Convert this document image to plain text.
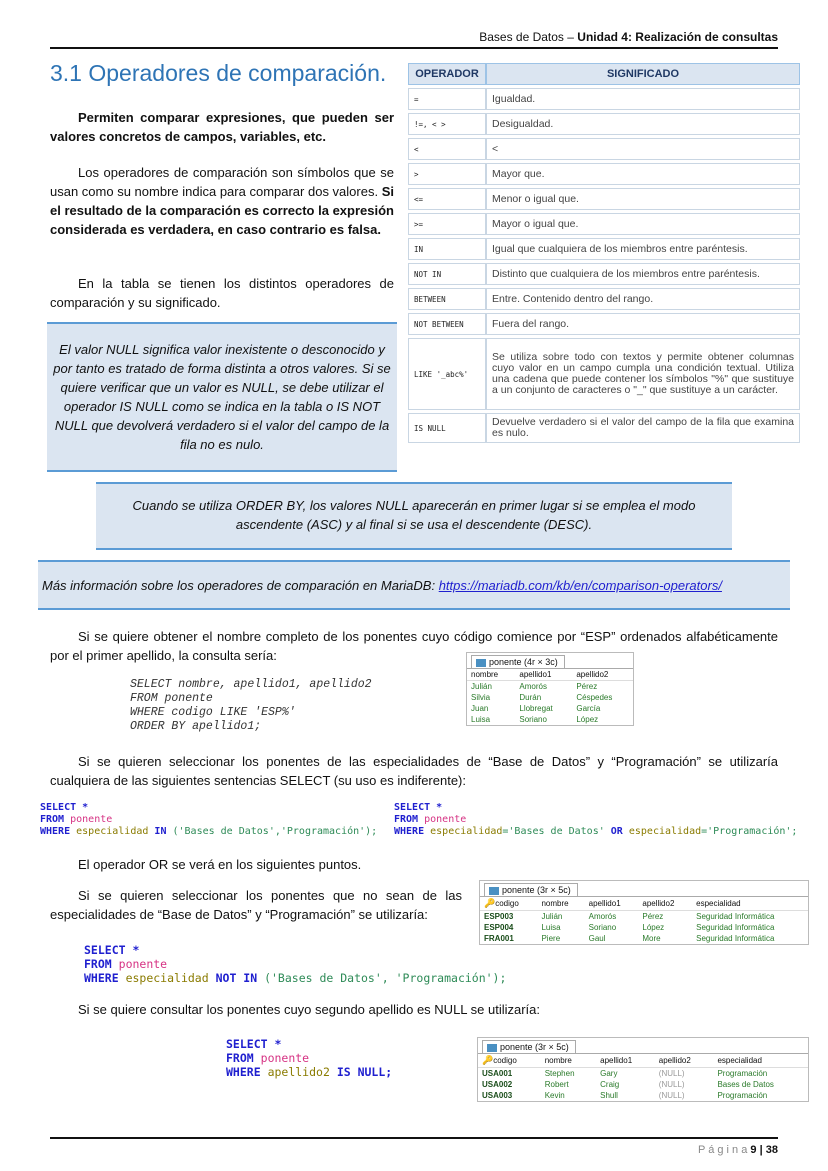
Bases de Datos – Unidad 4: Realización de consultas
3.1 Operadores de comparación.
Permiten comparar expresiones, que pueden ser valores concretos de campos, variables, etc.
Los operadores de comparación son símbolos que se usan como su nombre indica para comparar dos valores. Si el resultado de la comparación es correcto la expresión considerada es verdadera, en caso contrario es falsa.
En la tabla se tienen los distintos operadores de comparación y su significado.
El valor NULL significa valor inexistente o desconocido y por tanto es tratado de forma distinta a otros valores. Si se quiere verificar que un valor es NULL, se debe utilizar el operador IS NULL como se indica en la tabla o IS NOT NULL que devolverá verdadero si el valor del campo de la fila no es nulo.
OPERADOR	SIGNIFICADO
=	Igualdad.
!=, < >	Desigualdad.
<	<
>	Mayor que.
<=	Menor o igual que.
>=	Mayor o igual que.
IN	Igual que cualquiera de los miembros entre paréntesis.
NOT IN	Distinto que cualquiera de los miembros entre paréntesis.
BETWEEN	Entre. Contenido dentro del rango.
NOT BETWEEN	Fuera del rango.
LIKE '_abc%'	Se utiliza sobre todo con textos y permite obtener columnas cuyo valor en un campo cumpla una condición textual. Utiliza una cadena que puede contener los símbolos "%" que sustituye a un conjunto de caracteres o "_" que sustituye a un carácter.
IS NULL	Devuelve verdadero si el valor del campo de la fila que examina es nulo.
Cuando se utiliza ORDER BY, los valores NULL aparecerán en primer lugar si se emplea el modo ascendente (ASC) y al final si se usa el descendente (DESC).
Más información sobre los operadores de comparación en MariaDB: https://mariadb.com/kb/en/comparison-operators/
Si se quiere obtener el nombre completo de los ponentes cuyo código comience por “ESP” ordenados alfabéticamente por el primer apellido, la consulta sería:
SELECT nombre, apellido1, apellido2
FROM ponente
WHERE codigo LIKE 'ESP%'
ORDER BY apellido1;
ponente (4r × 3c)
nombre	apellido1	apellido2
Julián	Amorós	Pérez
Silvia	Durán	Céspedes
Juan	Llobregat	García
Luisa	Soriano	López
Si se quieren seleccionar los ponentes de las especialidades de “Base de Datos” y “Programación” se utilizaría cualquiera de las siguientes sentencias SELECT (su uso es indiferente):
SELECT *
FROM ponente
WHERE especialidad IN ('Bases de Datos','Programación');
SELECT *
FROM ponente
WHERE especialidad='Bases de Datos' OR especialidad='Programación';
El operador OR se verá en los siguientes puntos.
Si se quieren seleccionar los ponentes que no sean de las especialidades de “Base de Datos” y “Programación” se utilizaría:
ponente (3r × 5c)
🔑codigo	nombre	apellido1	apellido2	especialidad
ESP003	Julián	Amorós	Pérez	Seguridad Informática
ESP004	Luisa	Soriano	López	Seguridad Informática
FRA001	Piere	Gaul	More	Seguridad Informática
SELECT *
FROM ponente
WHERE especialidad NOT IN ('Bases de Datos', 'Programación');
Si se quiere consultar los ponentes cuyo segundo apellido es NULL se utilizaría:
SELECT *
FROM ponente
WHERE apellido2 IS NULL;
ponente (3r × 5c)
🔑codigo	nombre	apellido1	apellido2	especialidad
USA001	Stephen	Gary	(NULL)	Programación
USA002	Robert	Craig	(NULL)	Bases de Datos
USA003	Kevin	Shull	(NULL)	Programación
P á g i n a 9 | 38
